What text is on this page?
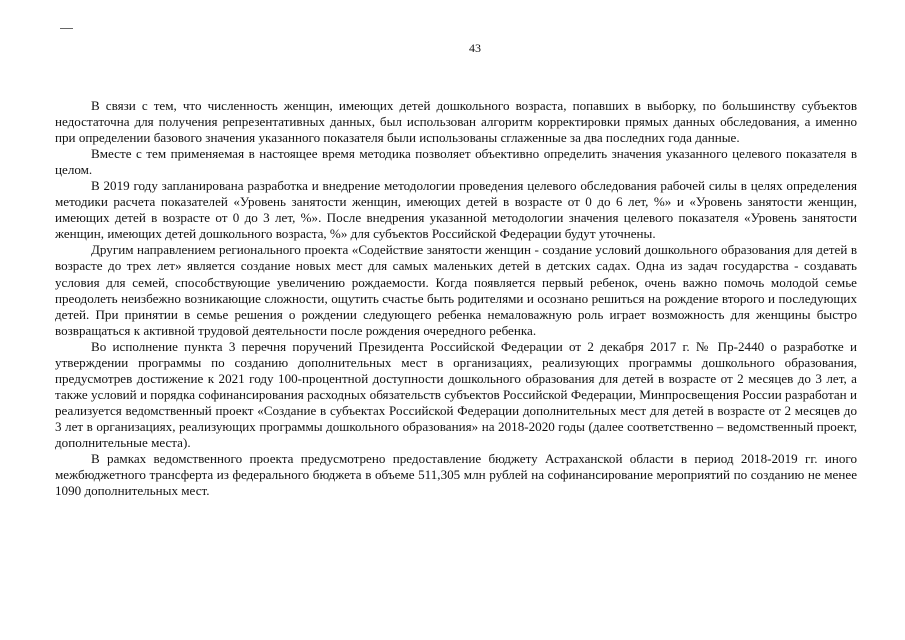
43

В связи с тем, что численность женщин, имеющих детей дошкольного возраста, попавших в выборку, по большинству субъектов недостаточна для получения репрезентативных данных, был использован алгоритм корректировки прямых данных обследования, а именно при определении базового значения указанного показателя были использованы сглаженные за два последних года данные.

Вместе с тем применяемая в настоящее время методика позволяет объективно определить значения указанного целевого показателя в целом.

В 2019 году запланирована разработка и внедрение методологии проведения целевого обследования рабочей силы в целях определения методики расчета показателей «Уровень занятости женщин, имеющих детей в возрасте от 0 до 6 лет, %» и «Уровень занятости женщин, имеющих детей в возрасте от 0 до 3 лет, %». После внедрения указанной методологии значения целевого показателя «Уровень занятости женщин, имеющих детей дошкольного возраста, %» для субъектов Российской Федерации будут уточнены.

Другим направлением регионального проекта «Содействие занятости женщин - создание условий дошкольного образования для детей в возрасте до трех лет» является создание новых мест для самых маленьких детей в детских садах. Одна из задач государства - создавать условия для семей, способствующие увеличению рождаемости. Когда появляется первый ребенок, очень важно помочь молодой семье преодолеть неизбежно возникающие сложности, ощутить счастье быть родителями и осознано решиться на рождение второго и последующих детей. При принятии в семье решения о рождении следующего ребенка немаловажную роль играет возможность для женщины быстро возвращаться к активной трудовой деятельности после рождения очередного ребенка.

Во исполнение пункта 3 перечня поручений Президента Российской Федерации от 2 декабря 2017 г. № Пр-2440 о разработке и утверждении программы по созданию дополнительных мест в организациях, реализующих программы дошкольного образования, предусмотрев достижение к 2021 году 100-процентной доступности дошкольного образования для детей в возрасте от 2 месяцев до 3 лет, а также условий и порядка софинансирования расходных обязательств субъектов Российской Федерации, Минпросвещения России разработан и реализуется ведомственный проект «Создание в субъектах Российской Федерации дополнительных мест для детей в возрасте от 2 месяцев до 3 лет в организациях, реализующих программы дошкольного образования» на 2018-2020 годы (далее соответственно – ведомственный проект, дополнительные места).

В рамках ведомственного проекта предусмотрено предоставление бюджету Астраханской области в период 2018-2019 гг. иного межбюджетного трансферта из федерального бюджета в объеме 511,305 млн рублей на софинансирование мероприятий по созданию не менее 1090 дополнительных мест.
